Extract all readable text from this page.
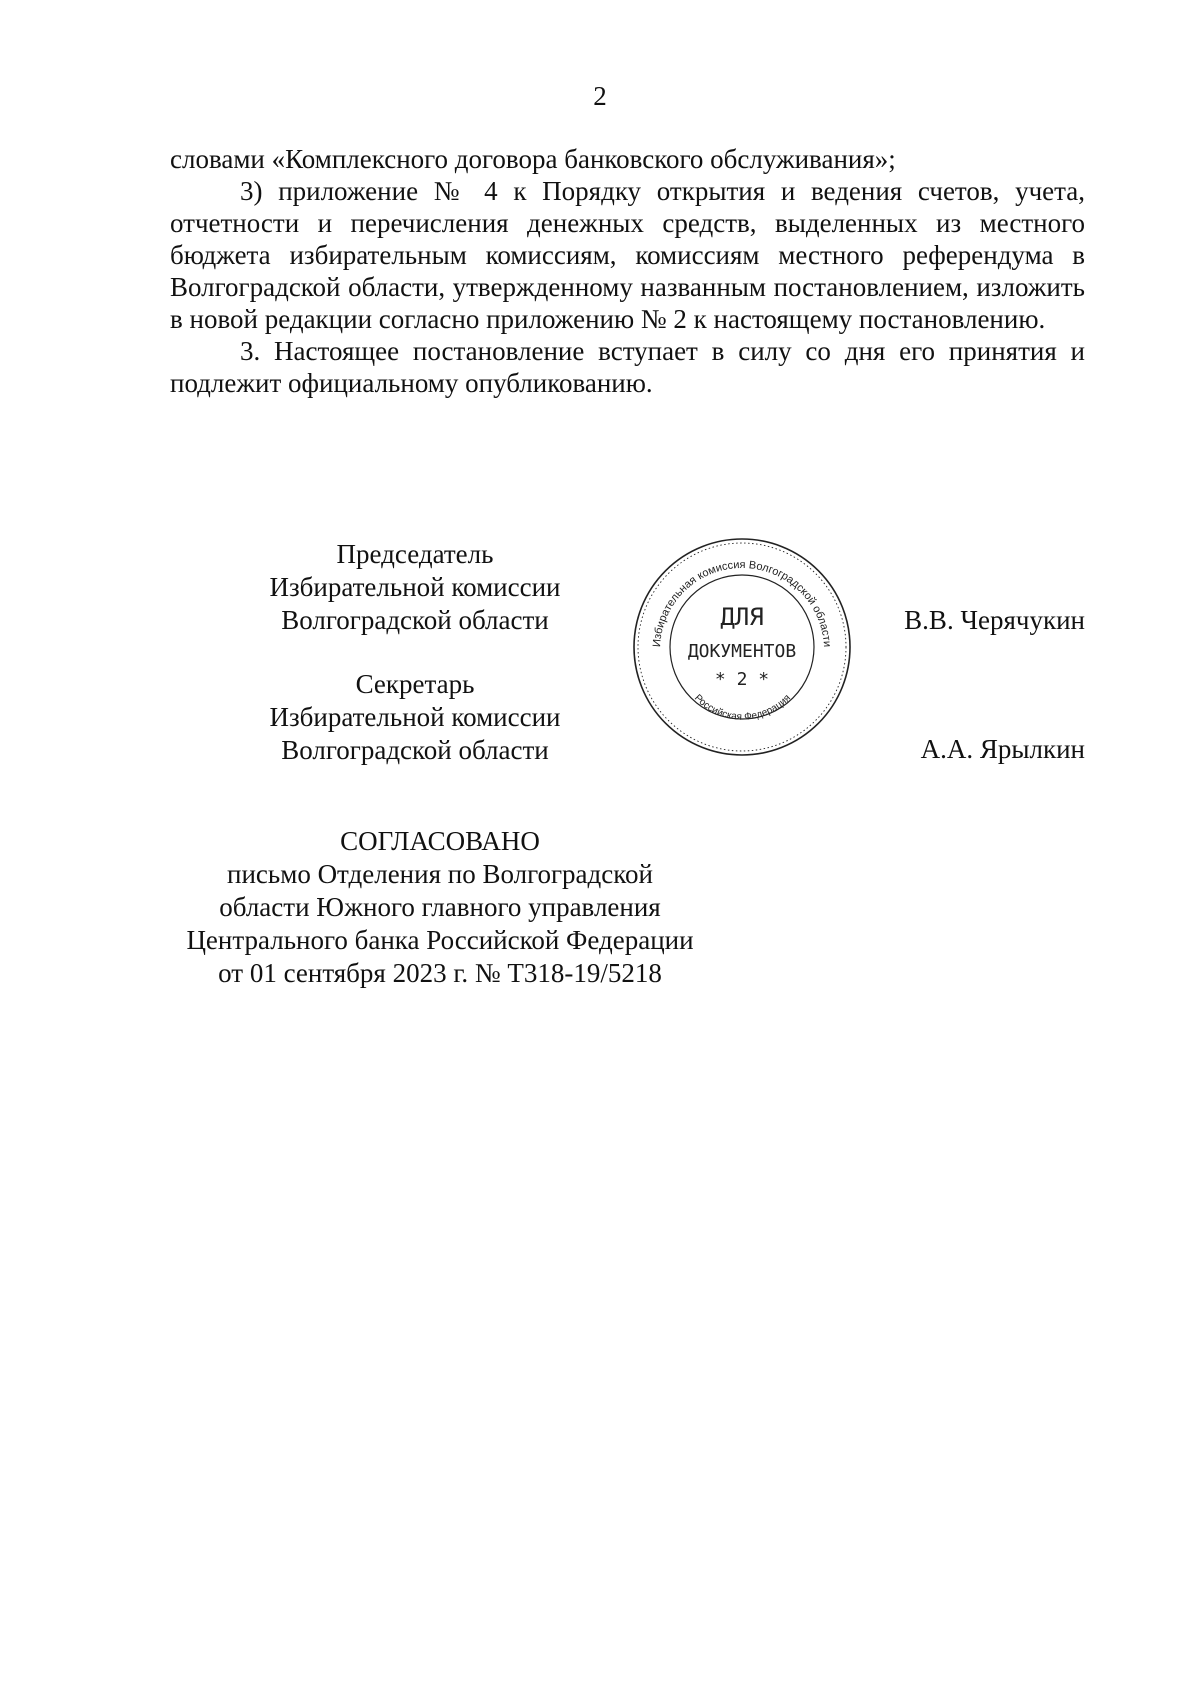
2

словами «Комплексного договора банковского обслуживания»;

3) приложение № 4 к Порядку открытия и ведения счетов, учета, отчетности и перечисления денежных средств, выделенных из местного бюджета избирательным комиссиям, комиссиям местного референдума в Волгоградской области, утвержденному названным постановлением, изложить в новой редакции согласно приложению № 2 к настоящему постановлению.

3. Настоящее постановление вступает в силу со дня его принятия и подлежит официальному опубликованию.

Председатель
Избирательной комиссии
Волгоградской области	В.В. Черячукин
Секретарь
Избирательной комиссии
Волгоградской области	А.А. Ярылкин
Избирательная комиссия Волгоградской области
Российская Федерация
ДЛЯ
ДОКУМЕНТОВ
* 2 *
СОГЛАСОВАНО
письмо Отделения по Волгоградской
области Южного главного управления
Центрального банка Российской Федерации
от 01 сентября 2023 г. № Т318-19/5218
